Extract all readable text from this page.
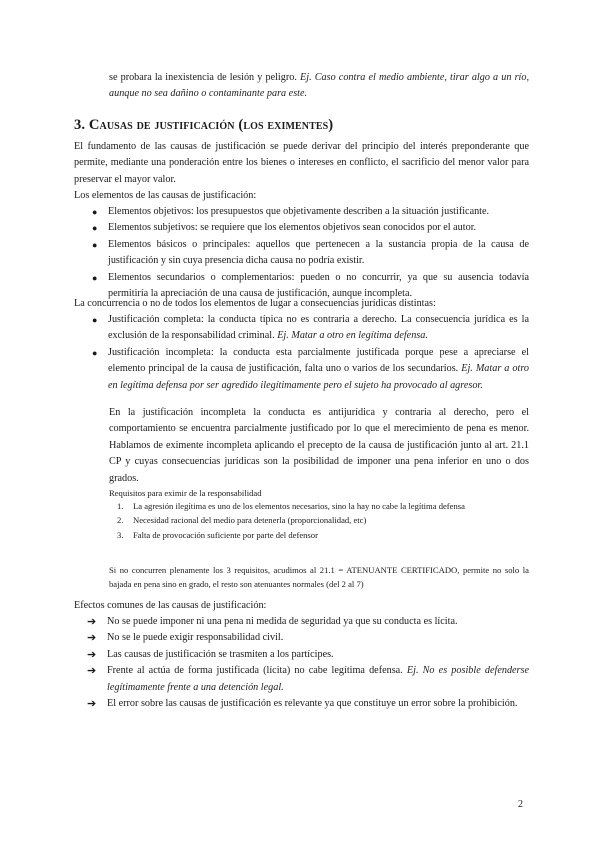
se probara la inexistencia de lesión y peligro. Ej. Caso contra el medio ambiente, tirar algo a un río, aunque no sea dañino o contaminante para este.

3. Causas de justificación (los eximentes)

El fundamento de las causas de justificación se puede derivar del principio del interés preponderante que permite, mediante una ponderación entre los bienes o intereses en conflicto, el sacrificio del menor valor para preservar el mayor valor.

Los elementos de las causas de justificación:

● Elementos objetivos: los presupuestos que objetivamente describen a la situación justificante.
● Elementos subjetivos: se requiere que los elementos objetivos sean conocidos por el autor.
● Elementos básicos o principales: aquellos que pertenecen a la sustancia propia de la causa de justificación y sin cuya presencia dicha causa no podría existir.
● Elementos secundarios o complementarios: pueden o no concurrir, ya que su ausencia todavía permitiría la apreciación de una causa de justificación, aunque incompleta.

La concurrencia o no de todos los elementos de lugar a consecuencias jurídicas distintas:

● Justificación completa: la conducta típica no es contraria a derecho. La consecuencia jurídica es la exclusión de la responsabilidad criminal. Ej. Matar a otro en legítima defensa.
● Justificación incompleta: la conducta esta parcialmente justificada porque pese a apreciarse el elemento principal de la causa de justificación, falta uno o varios de los secundarios. Ej. Matar a otro en legítima defensa por ser agredido ilegítimamente pero el sujeto ha provocado al agresor.

En la justificación incompleta la conducta es antijurídica y contraria al derecho, pero el comportamiento se encuentra parcialmente justificado por lo que el merecimiento de pena es menor. Hablamos de eximente incompleta aplicando el precepto de la causa de justificación junto al art. 21.1 CP y cuyas consecuencias jurídicas son la posibilidad de imponer una pena inferior en uno o dos grados.

Requisitos para eximir de la responsabilidad

1. La agresión ilegítima es uno de los elementos necesarios, sino la hay no cabe la legítima defensa
2. Necesidad racional del medio para detenerla (proporcionalidad, etc)
3. Falta de provocación suficiente por parte del defensor

Si no concurren plenamente los 3 requisitos, acudimos al 21.1 = ATENUANTE CERTIFICADO, permite no solo la bajada en pena sino en grado, el resto son atenuantes normales (del 2 al 7)

Efectos comunes de las causas de justificación:

➔ No se puede imponer ni una pena ni medida de seguridad ya que su conducta es lícita.
➔ No se le puede exigir responsabilidad civil.
➔ Las causas de justificación se trasmiten a los partícipes.
➔ Frente al actúa de forma justificada (lícita) no cabe legítima defensa. Ej. No es posible defenderse legítimamente frente a una detención legal.
➔ El error sobre las causas de justificación es relevante ya que constituye un error sobre la prohibición.
2
